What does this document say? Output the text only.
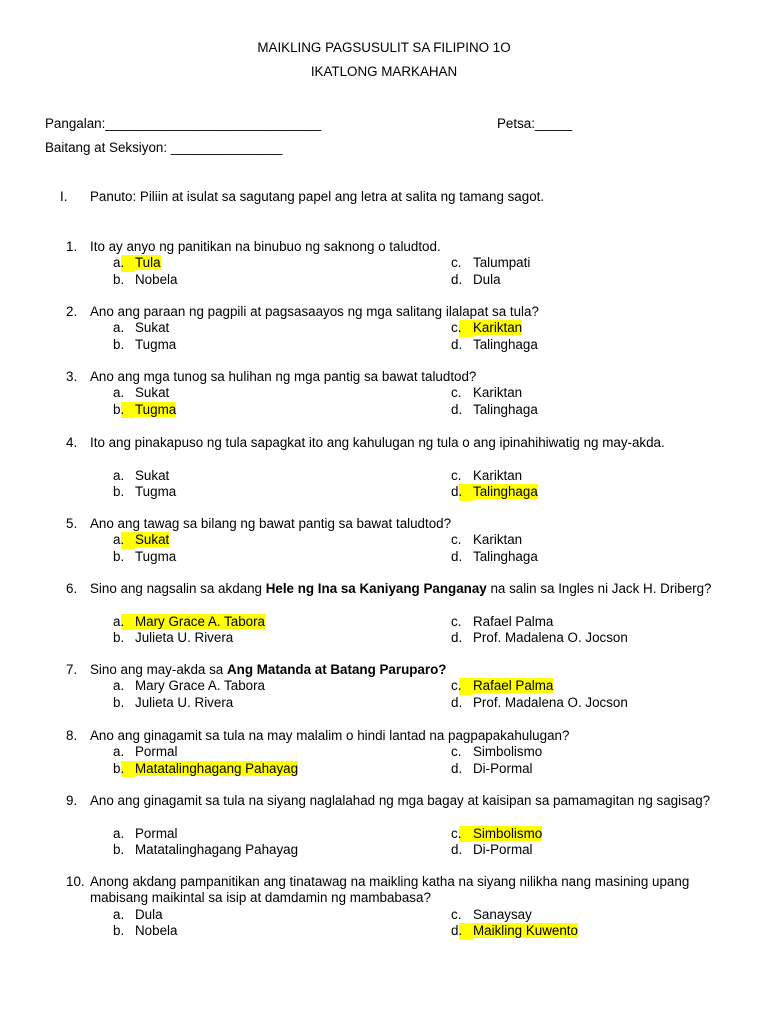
MAIKLING PAGSUSULIT SA FILIPINO 1O
IKATLONG MARKAHAN
Pangalan:_____________________________	Petsa:_____
Baitang at Seksiyon: _______________
I. Panuto: Piliin at isulat sa sagutang papel ang letra at salita ng tamang sagot.
1. Ito ay anyo ng panitikan na binubuo ng saknong o taludtod.
a. Tula
b. Nobela
c. Talumpati
d. Dula
2. Ano ang paraan ng pagpili at pagsasaayos ng mga salitang ilalapat sa tula?
a. Sukat
b. Tugma
c. Kariktan
d. Talinghaga
3. Ano ang mga tunog sa hulihan ng mga pantig sa bawat taludtod?
a. Sukat
b. Tugma
c. Kariktan
d. Talinghaga
4. Ito ang pinakapuso ng tula sapagkat ito ang kahulugan ng tula o ang ipinahihiwatig ng may-akda.
a. Sukat
b. Tugma
c. Kariktan
d. Talinghaga
5. Ano ang tawag sa bilang ng bawat pantig sa bawat taludtod?
a. Sukat
b. Tugma
c. Kariktan
d. Talinghaga
6. Sino ang nagsalin sa akdang Hele ng Ina sa Kaniyang Panganay na salin sa Ingles ni Jack H. Driberg?
a. Mary Grace A. Tabora
b. Julieta U. Rivera
c. Rafael Palma
d. Prof. Madalena O. Jocson
7. Sino ang may-akda sa Ang Matanda at Batang Paruparo?
a. Mary Grace A. Tabora
b. Julieta U. Rivera
c. Rafael Palma
d. Prof. Madalena O. Jocson
8. Ano ang ginagamit sa tula na may malalim o hindi lantad na pagpapakahulugan?
a. Pormal
b. Matatalinghagang Pahayag
c. Simbolismo
d. Di-Pormal
9. Ano ang ginagamit sa tula na siyang naglalahad ng mga bagay at kaisipan sa pamamagitan ng sagisag?
a. Pormal
b. Matatalinghagang Pahayag
c. Simbolismo
d. Di-Pormal
10. Anong akdang pampanitikan ang tinatawag na maikling katha na siyang nilikha nang masining upang mabisang maikintal sa isip at damdamin ng mambabasa?
a. Dula
b. Nobela
c. Sanaysay
d. Maikling Kuwento
